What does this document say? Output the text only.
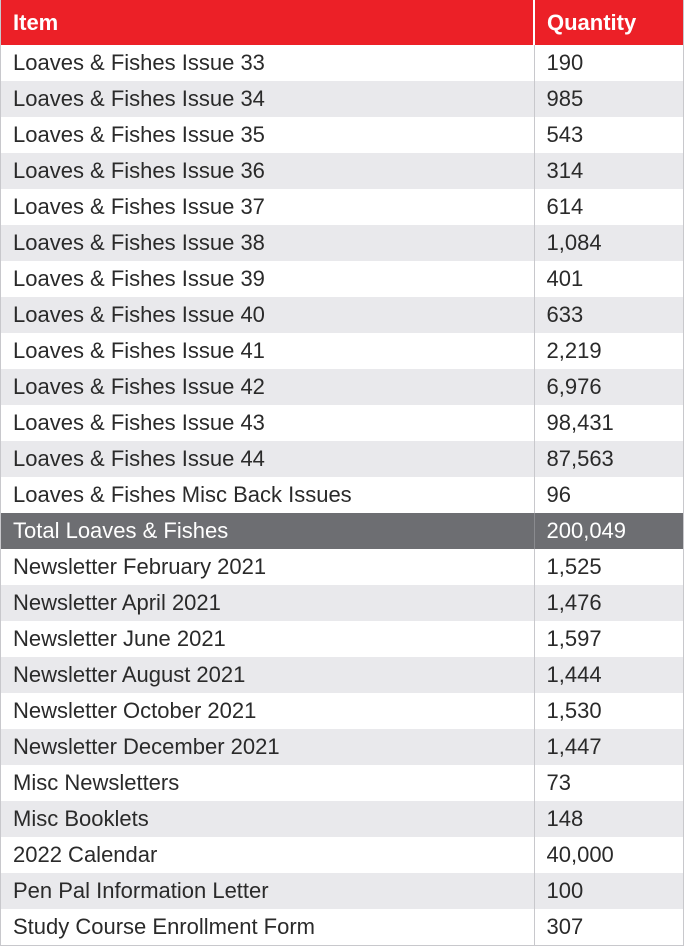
Item	Quantity
Loaves & Fishes Issue 33	190
Loaves & Fishes Issue 34	985
Loaves & Fishes Issue 35	543
Loaves & Fishes Issue 36	314
Loaves & Fishes Issue 37	614
Loaves & Fishes Issue 38	1,084
Loaves & Fishes Issue 39	401
Loaves & Fishes Issue 40	633
Loaves & Fishes Issue 41	2,219
Loaves & Fishes Issue 42	6,976
Loaves & Fishes Issue 43	98,431
Loaves & Fishes Issue 44	87,563
Loaves & Fishes Misc Back Issues	96
Total Loaves & Fishes	200,049
Newsletter February 2021	1,525
Newsletter April 2021	1,476
Newsletter June 2021	1,597
Newsletter August 2021	1,444
Newsletter October 2021	1,530
Newsletter December 2021	1,447
Misc Newsletters	73
Misc Booklets	148
2022 Calendar	40,000
Pen Pal Information Letter	100
Study Course Enrollment Form	307
